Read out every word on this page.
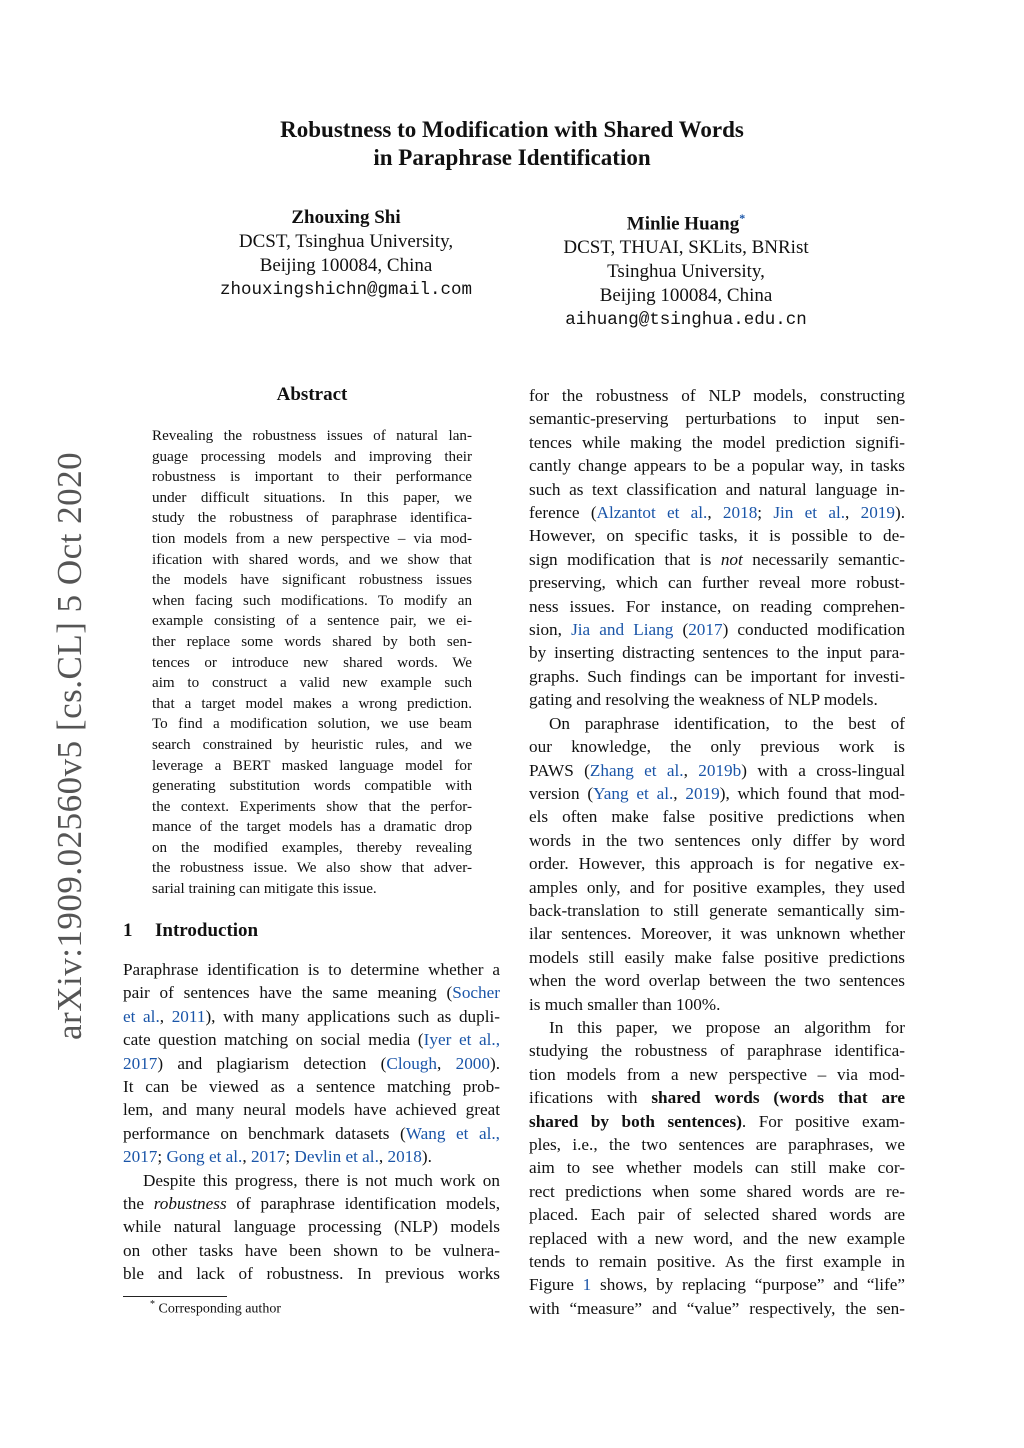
arXiv:1909.02560v5 [cs.CL] 5 Oct 2020
Robustness to Modification with Shared Words
in Paraphrase Identification
Zhouxing Shi
DCST, Tsinghua University,
Beijing 100084, China
zhouxingshichn@gmail.com
Minlie Huang*
DCST, THUAI, SKLits, BNRist
Tsinghua University,
Beijing 100084, China
aihuang@tsinghua.edu.cn
Abstract
Revealing the robustness issues of natural lan-
guage processing models and improving their
robustness is important to their performance
under difficult situations. In this paper, we
study the robustness of paraphrase identifica-
tion models from a new perspective – via mod-
ification with shared words, and we show that
the models have significant robustness issues
when facing such modifications. To modify an
example consisting of a sentence pair, we ei-
ther replace some words shared by both sen-
tences or introduce new shared words. We
aim to construct a valid new example such
that a target model makes a wrong prediction.
To find a modification solution, we use beam
search constrained by heuristic rules, and we
leverage a BERT masked language model for
generating substitution words compatible with
the context. Experiments show that the perfor-
mance of the target models has a dramatic drop
on the modified examples, thereby revealing
the robustness issue. We also show that adver-
sarial training can mitigate this issue.
1 Introduction
Paraphrase identification is to determine whether a
pair of sentences have the same meaning (Socher
et al., 2011), with many applications such as dupli-
cate question matching on social media (Iyer et al.,
2017) and plagiarism detection (Clough, 2000).
It can be viewed as a sentence matching prob-
lem, and many neural models have achieved great
performance on benchmark datasets (Wang et al.,
2017; Gong et al., 2017; Devlin et al., 2018).
Despite this progress, there is not much work on
the robustness of paraphrase identification models,
while natural language processing (NLP) models
on other tasks have been shown to be vulnera-
ble and lack of robustness. In previous works
* Corresponding author
for the robustness of NLP models, constructing
semantic-preserving perturbations to input sen-
tences while making the model prediction signifi-
cantly change appears to be a popular way, in tasks
such as text classification and natural language in-
ference (Alzantot et al., 2018; Jin et al., 2019).
However, on specific tasks, it is possible to de-
sign modification that is not necessarily semantic-
preserving, which can further reveal more robust-
ness issues. For instance, on reading comprehen-
sion, Jia and Liang (2017) conducted modification
by inserting distracting sentences to the input para-
graphs. Such findings can be important for investi-
gating and resolving the weakness of NLP models.
On paraphrase identification, to the best of
our knowledge, the only previous work is
PAWS (Zhang et al., 2019b) with a cross-lingual
version (Yang et al., 2019), which found that mod-
els often make false positive predictions when
words in the two sentences only differ by word
order. However, this approach is for negative ex-
amples only, and for positive examples, they used
back-translation to still generate semantically sim-
ilar sentences. Moreover, it was unknown whether
models still easily make false positive predictions
when the word overlap between the two sentences
is much smaller than 100%.
In this paper, we propose an algorithm for
studying the robustness of paraphrase identifica-
tion models from a new perspective – via mod-
ifications with shared words (words that are
shared by both sentences). For positive exam-
ples, i.e., the two sentences are paraphrases, we
aim to see whether models can still make cor-
rect predictions when some shared words are re-
placed. Each pair of selected shared words are
replaced with a new word, and the new example
tends to remain positive. As the first example in
Figure 1 shows, by replacing “purpose” and “life”
with “measure” and “value” respectively, the sen-
